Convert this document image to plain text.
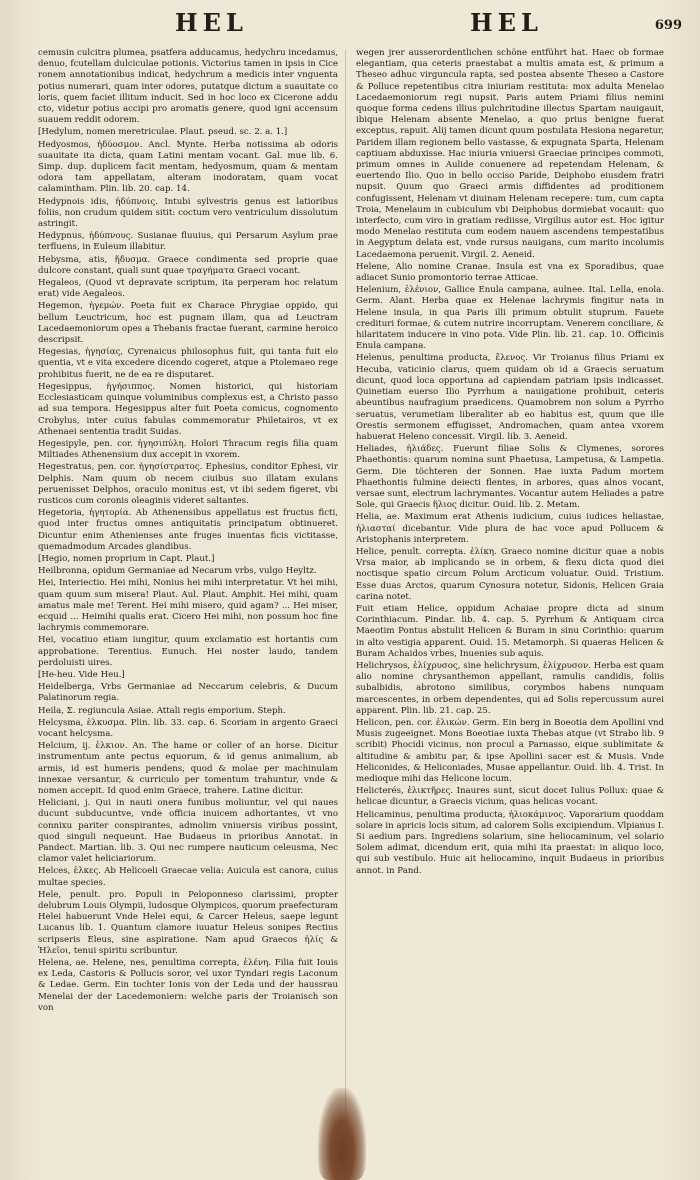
HEL	HEL	699

cemusin culcitra plumea, psatfera adducamus, hedychru incedamus, denuo, fcutellam dulciculae potionis. Victorius tamen in ipsis in Cice ronem annotationibus indicat, hedychrum a medicis inter vnguenta potius numerari, quam inter odores, putatque dictum a suauitate co loris, quem faciet illitum inducit. Sed in hoc loco ex Cicerone addu cto, videtur potius accipi pro aromatis genere, quod igni accensum suauem reddit odorem.

[Hedylum, nomen meretriculae. Plaut. pseud. sc. 2. a. 1.]

Hedyosmos, ἡδύοσμον. Ancl. Mynte. Herba notissima ab odoris suauitate ita dicta, quam Latini mentam vocant. Gal. mue lib. 6. Simp. dup. duplicem facit mentam, hedyosmum, quam & mentam odora tam appellatam, alteram inodoratam, quam vocat calamintham. Plin. lib. 20. cap. 14.

Hedypnois idis, ἡδύπνοις. Intubi sylvestris genus est latioribus foliis, non crudum quidem sitit: coctum vero ventriculum dissolutum astringit.

Hedypnus, ἡδύπνους. Susianae fluuius, qui Persarum Asylum prae terfluens, in Euleum illabitur.

Hebysma, atis, ἥδυσμα. Graece condimenta sed proprie quae dulcore constant, quali sunt quae τραγήματα Graeci vocant.

Hegaleos, (Quod vt depravate scriptum, ita perperam hoc relatum erat) vide Aegaleos.

Hegemon, ἡγεμών. Poeta fuit ex Charace Phrygiae oppido, qui bellum Leuctricum, hoc est pugnam illam, qua ad Leuctram Lacedaemoniorum opes a Thebanis fractae fuerant, carmine heroico descripsit.

Hegesias, ἡγησίας, Cyrenaicus philosophus fuit, qui tanta fuit elo quentia, vt e vita excedere dicendo cogeret, atque a Ptolemaeo rege prohibitus fuerit, ne de ea re disputaret.

Hegesippus, ἡγήσιππος. Nomen historici, qui historiam Ecclesiasticam quinque voluminibus complexus est, a Christo passo ad sua tempora. Hegesippus alter fuit Poeta comicus, cognomento Crobylus, inter cuius fabulas commemoratur Philetairos, vt ex Athenaei sententia tradit Suidas.

Hegesipyle, pen. cor. ἡγησιπύλη. Holori Thracum regis filia quam Miltiades Athenensium dux accepit in vxorem.

Hegestratus, pen. cor. ἡγησίστρατος. Ephesius, conditor Ephesi, vir Delphis. Nam quum ob necem ciuibus suo illatam exulans peruenisset Delphos, oraculo monitus est, vt ibi sedem figeret, vbi rusticos cum coronis oleaginis videret saltantes.

Hegetoria, ἡγητορία. Ab Athenensibus appellatus est fructus ficti, quod inter fructus omnes antiquitatis principatum obtinueret. Dicuntur enim Athenienses ante fruges inuentas ficis victitasse, quemadmodum Arcades glandibus.

[Hegio, nomen proprium in Capt. Plaut.]

Heilbronna, opidum Germaniae ad Necarum vrbs, vulgo Heyltz.

Hei, Interiectio. Hei mihi, Nonius hei mihi interpretatur. Vt hei mihi, quam quum sum misera! Plaut. Aul. Plaut. Amphit. Hei mihi, quam amatus male me! Terent. Hei mihi misero, quid agam? ... Hei miser, ecquid ... Heimihi qualis erat. Cicero Hei mihi, non possum hoc fine lachrymis commemorare.

Hei, vocatiuo etiam iungitur, quum exclamatio est hortantis cum approbatione. Terentius. Eunuch. Hei noster laudo, tandem perdoluisti uires.

[He-heu. Vide Heu.]

Heidelberga, Vrbs Germaniae ad Neccarum celebris, & Ducum Palatinorum regia.

Heila, Σ. regiuncula Asiae. Attali regis emporium. Steph.

Helcysma, ἑλκυσμα. Plin. lib. 33. cap. 6. Scoriam in argento Graeci vocant helcysma.

Helcium, ij. ἑλκιον. An. The hame or coller of an horse. Dicitur instrumentum ante pectus equorum, & id genus animalium, ab armis, id est humeris pendens, quod & molae per machinulam innexae versantur, & curriculo per tomentum trahuntur, vnde & nomen accepit. Id quod enim Graece, trahere. Latine dicitur.

Heliciani, j. Qui in nauti onera funibus moliuntur, vel qui naues ducunt subducuntve, vnde officia inuicem adhortantes, vt vno connixu pariter conspirantes, admolim vniuersis viribus possint, quod singuli nequeunt. Hae Budaeus in prioribus Annotat. in Pandect. Martian. lib. 3. Qui nec rumpere nauticum celeusma, Nec clamor valet heliciariorum.

Helces, ἑλκες. Ab Helicoeli Graecae velia: Auicula est canora, cuius multae species.

Hele, penult. pro. Populi in Peloponneso clarissimi, propter delubrum Louis Olympii, ludosque Olympicos, quorum praefecturam Helei habuerunt Vnde Helei equi, & Carcer Heleus, saepe legunt Lucanus lib. 1. Quantum clamore iuuatur Heleus sonipes Rectius scripseris Eleus, sine aspiratione. Nam apud Graecos ἠλίς & Ἠλεῖοι, tenui spiritu scribuntur.

Helena, ae. Helene, nes, penultima correpta, ἑλένη. Filia fuit Iouis ex Leda, Castoris & Pollucis soror, vel uxor Tyndari regis Laconum & Ledae. Germ. Ein tochter Ionis von der Leda und der haussrau Menelai der der Lacedemoniern: welche paris der Troianisch son von

wegen jrer ausserordentlichen schöne entführt hat. Haec ob formae elegantiam, qua ceteris praestabat a multis amata est, & primum a Theseo adhuc virguncula rapta, sed postea absente Theseo a Castore & Polluce repetentibus citra iniuriam restituta: mox adulta Menelao Lacedaemoniorum regi nupsit. Paris autem Priami filius nemini quoque forma cedens illius pulchritudine illectus Spartam nauigauit, ibique Helenam absente Menelao, a quo prius benigne fuerat exceptus, rapuit. Alij tamen dicunt quum postulata Hesiona negaretur, Paridem illam regionem bello vastasse, & expugnata Sparta, Helenam captiuam abduxisse. Hac iniuria vniuersi Graeciae principes commoti, primum omnes in Aulide conuenere ad repetendam Helenam, & euertendo Ilio. Quo in bello occiso Paride, Deiphobo eiusdem fratri nupsit. Quum quo Graeci armis diffidentes ad proditionem confugissent, Helenam vt diuinam Helenam recepere: tum, cum capta Troia, Menelaum in cubiculum vbi Deiphobus dormiebat vocauit: quo interfecto, cum viro in gratiam rediisse, Virgilius autor est. Hoc igitur modo Menelao restituta cum eodem nauem ascendens tempestatibus in Aegyptum delata est, vnde rursus nauigans, cum marito incolumis Lacedaemona peruenit. Virgil. 2. Aeneid.

Helene, Alio nomine Cranae. Insula est vna ex Sporadibus, quae adiacet Sunio promontorio terrae Atticae.

Helenium, ἑλένιον, Gallice Enula campana, aulnee. Ital. Lella, enola. Germ. Alant. Herba quae ex Helenae lachrymis fingitur nata in Helene insula, in qua Paris illi primum obtulit stuprum. Fauete credituri formae, & cutem nutrire incorruptam. Venerem conciliare, & hilaritatem inducere in vino pota. Vide Plin. lib. 21. cap. 10. Officinis Enula campana.

Helenus, penultima producta, ἕλενος. Vir Troianus filius Priami ex Hecuba, vaticinio clarus, quem quidam ob id a Graecis seruatum dicunt, quod loca opportuna ad capiendam patriam ipsis indicasset. Quinetiam euerso Ilio Pyrrhum a nauigatione prohibuit, ceteris abeuntibus naufragium praedicens. Quamobrem non solum a Pyrrho seruatus, verumetiam liberaliter ab eo habitus est, quum que ille Orestis sermonem effugisset, Andromachen, quam antea vxorem habuerat Heleno concessit. Virgil. lib. 3. Aeneid.

Heliades, ἡλιάδες. Fuerunt filiae Solis & Clymenes, sorores Phaethontis: quarum nomina sunt Phaetusa, Lampetusa, & Lampetia. Germ. Die töchteren der Sonnen. Hae iuxta Padum mortem Phaethontis fulmine deiecti flentes, in arbores, quas alnos vocant, versae sunt, electrum lachrymantes. Vocantur autem Heliades a patre Sole, qui Graecis ἥλιος dicitur. Ouid. lib. 2. Metam.

Helia, ae. Maximum erat Athenis iudicium, cuius iudices heliastae, ἡλιασταί dicebantur. Vide plura de hac voce apud Pollucem & Aristophanis interpretem.

Helice, penult. correpta. ἑλίκη. Graeco nomine dicitur quae a nobis Vrsa maior, ab implicando se in orbem, & flexu dicta quod diei noctisque spatio circum Polum Arcticum voluatur. Ouid. Tristium. Esse duas Arctos, quarum Cynosura notetur, Sidonis, Helicen Graia carina notet.

Fuit etiam Helice, oppidum Achaiae propre dicta ad sinum Corinthiacum. Pindar. lib. 4. cap. 5. Pyrrhum & Antiquam circa Maeotim Pontus abstulit Helicen & Buram in sinu Corinthio: quarum in alto vestigia apparent. Ouid. 15. Metamorph. Si quaeras Helicen & Buram Achaidos vrbes, Inuenies sub aquis.

Helichrysos, ἑλίχρυσος, sine helichrysum, ἑλίχρυσον. Herba est quam alio nomine chrysanthemon appellant, ramulis candidis, foliis subalbidis, abrotono similibus, corymbos habens nunquam marcescentes, in orbem dependentes, qui ad Solis repercussum aurei apparent. Plin. lib. 21. cap. 25.

Helicon, pen. cor. ἑλικών. Germ. Ein berg in Boeotia dem Apollini vnd Musis zugeeignet. Mons Boeotiae iuxta Thebas atque (vt Strabo lib. 9 scribit) Phocidi vicinus, non procul a Parnasso, eique sublimitate & altitudine & ambitu par, & ipse Apollini sacer est & Musis. Vnde Heliconides, & Heliconiades, Musae appellantur. Ouid. lib. 4. Trist. In medioque mihi das Helicone locum.

Helicterés, ἑλικτῆρες. Inaures sunt, sicut docet Iulius Pollux: quae & helicae dicuntur, a Graecis vicium, quas helicas vocant.

Helicaminus, penultima producta, ἡλιοκάμινος. Vaporarium quoddam solare in apricis locis situm, ad calorem Solis excipiendum. Vlpianus I. Si aedium pars. Ingrediens solarium, sine heliocaminum, vel solario Solem adimat, dicendum erit, quia mihi ita praestat: in aliquo loco, qui sub vestibulo. Huic ait heliocamino, inquit Budaeus in prioribus annot. in Pand.
